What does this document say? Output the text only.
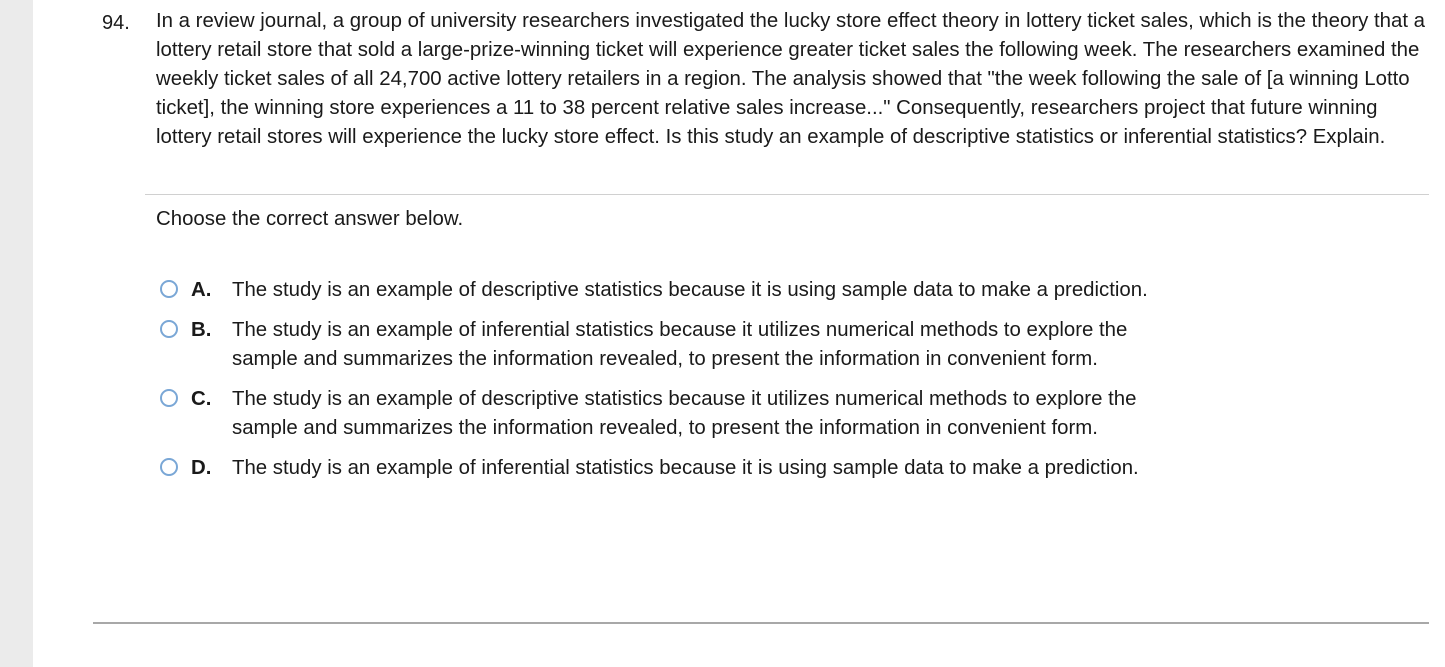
94. In a review journal, a group of university researchers investigated the lucky store effect theory in lottery ticket sales, which is the theory that a lottery retail store that sold a large-prize-winning ticket will experience greater ticket sales the following week. The researchers examined the weekly ticket sales of all 24,700 active lottery retailers in a region. The analysis showed that "the week following the sale of [a winning Lotto ticket], the winning store experiences a 11 to 38 percent relative sales increase..." Consequently, researchers project that future winning lottery retail stores will experience the lucky store effect. Is this study an example of descriptive statistics or inferential statistics? Explain.
Choose the correct answer below.
A.	The study is an example of descriptive statistics because it is using sample data to make a prediction.
B.	The study is an example of inferential statistics because it utilizes numerical methods to explore the sample and summarizes the information revealed, to present the information in convenient form.
C.	The study is an example of descriptive statistics because it utilizes numerical methods to explore the sample and summarizes the information revealed, to present the information in convenient form.
D.	The study is an example of inferential statistics because it is using sample data to make a prediction.
